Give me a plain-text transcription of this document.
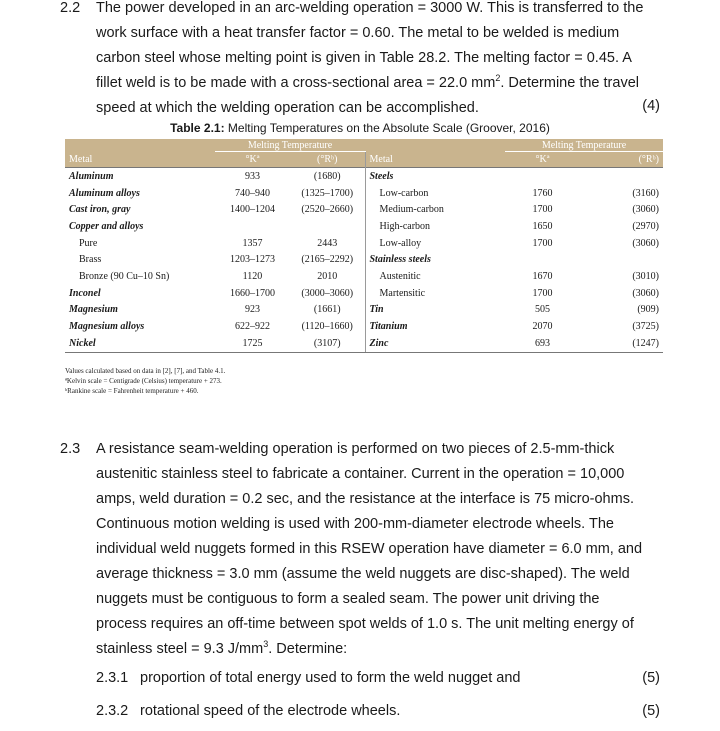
2.2 The power developed in an arc-welding operation = 3000 W. This is transferred to the
work surface with a heat transfer factor = 0.60. The metal to be welded is medium
carbon steel whose melting point is given in Table 28.2. The melting factor = 0.45. A
fillet weld is to be made with a cross-sectional area = 22.0 $mm^2$. Determine the travel
speed at which the welding operation can be accomplished.	(4)
Table 2.1: Melting Temperatures on the Absolute Scale (Groover, 2016)
	Melting Temperature			Melting Temperature	
Metal	°Kª	(°Rᵇ)	Metal	°Kª	(°Rᵇ)
Aluminum	933	(1680)	Steels		
Aluminum alloys	740–940	(1325–1700)	Low-carbon	1760	(3160)
Cast iron, gray	1400–1204	(2520–2660)	Medium-carbon	1700	(3060)
Copper and alloys			High-carbon	1650	(2970)
Pure	1357	2443	Low-alloy	1700	(3060)
Brass	1203–1273	(2165–2292)	Stainless steels		
Bronze (90 Cu–10 Sn)	1120	2010	Austenitic	1670	(3010)
Inconel	1660–1700	(3000–3060)	Martensitic	1700	(3060)
Magnesium	923	(1661)	Tin	505	(909)
Magnesium alloys	622–922	(1120–1660)	Titanium	2070	(3725)
Nickel	1725	(3107)	Zinc	693	(1247)
Values calculated based on data in [2], [7], and Table 4.1.
ªKelvin scale = Centigrade (Celsius) temperature + 273.
ᵇRankine scale = Fahrenheit temperature + 460.
2.3 A resistance seam-welding operation is performed on two pieces of 2.5-mm-thick
austenitic stainless steel to fabricate a container. Current in the operation = 10,000
amps, weld duration = 0.2 sec, and the resistance at the interface is 75 micro-ohms.
Continuous motion welding is used with 200-mm-diameter electrode wheels. The
individual weld nuggets formed in this RSEW operation have diameter = 6.0 mm, and
average thickness = 3.0 mm (assume the weld nuggets are disc-shaped). The weld
nuggets must be contiguous to form a sealed seam. The power unit driving the
process requires an off-time between spot welds of 1.0 s. The unit melting energy of
stainless steel = 9.3 $J/mm^3$. Determine:
2.3.1 proportion of total energy used to form the weld nugget and	(5)
2.3.2 rotational speed of the electrode wheels.	(5)
